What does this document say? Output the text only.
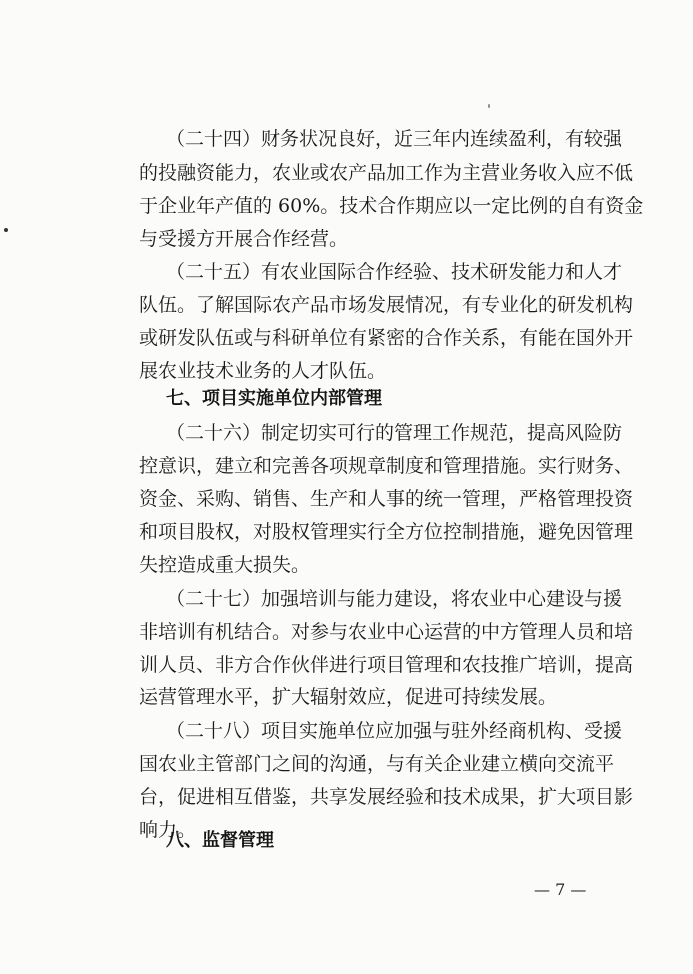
（二十四）财务状况良好，近三年内连续盈利，有较强
的投融资能力，农业或农产品加工作为主营业务收入应不低
于企业年产值的 60%。技术合作期应以一定比例的自有资金
与受援方开展合作经营。
（二十五）有农业国际合作经验、技术研发能力和人才
队伍。了解国际农产品市场发展情况，有专业化的研发机构
或研发队伍或与科研单位有紧密的合作关系，有能在国外开
展农业技术业务的人才队伍。
七、项目实施单位内部管理
（二十六）制定切实可行的管理工作规范，提高风险防
控意识，建立和完善各项规章制度和管理措施。实行财务、
资金、采购、销售、生产和人事的统一管理，严格管理投资
和项目股权，对股权管理实行全方位控制措施，避免因管理
失控造成重大损失。
（二十七）加强培训与能力建设，将农业中心建设与援
非培训有机结合。对参与农业中心运营的中方管理人员和培
训人员、非方合作伙伴进行项目管理和农技推广培训，提高
运营管理水平，扩大辐射效应，促进可持续发展。
（二十八）项目实施单位应加强与驻外经商机构、受援
国农业主管部门之间的沟通，与有关企业建立横向交流平
台，促进相互借鉴，共享发展经验和技术成果，扩大项目影
响力。
八、监督管理
— 7 —
